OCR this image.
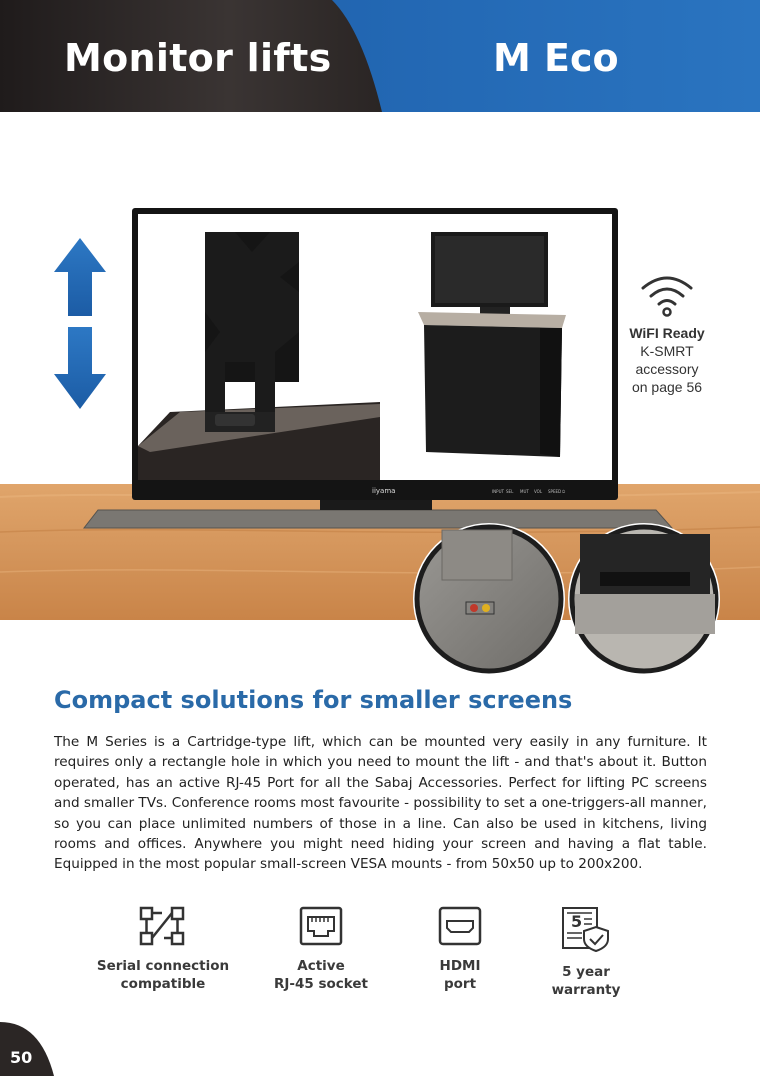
Monitor lifts	M Eco
iiyama	INPUT SEL MUT VOL SPEED ⏻
WiFI Ready
K-SMRT
accessory
on page 56
Compact solutions for smaller screens
The M Series is a Cartridge-type lift, which can be mounted very easily in any furniture. It requires only a rectangle hole in which you need to mount the lift - and that's about it. Button operated, has an active RJ-45 Port for all the Sabaj Accessories. Perfect for lifting PC screens and smaller TVs. Conference rooms most favourite - possibility to set a one-triggers-all manner, so you can place unlimited numbers of those in a line. Can also be used in kitchens, living rooms and offices. Anywhere you might need hiding your screen and having a flat table. Equipped in the most popular small-screen VESA mounts - from 50x50 up to 200x200.
Serial connection
compatible
Active
RJ-45 socket
HDMI
port
5
5 year
warranty
50
